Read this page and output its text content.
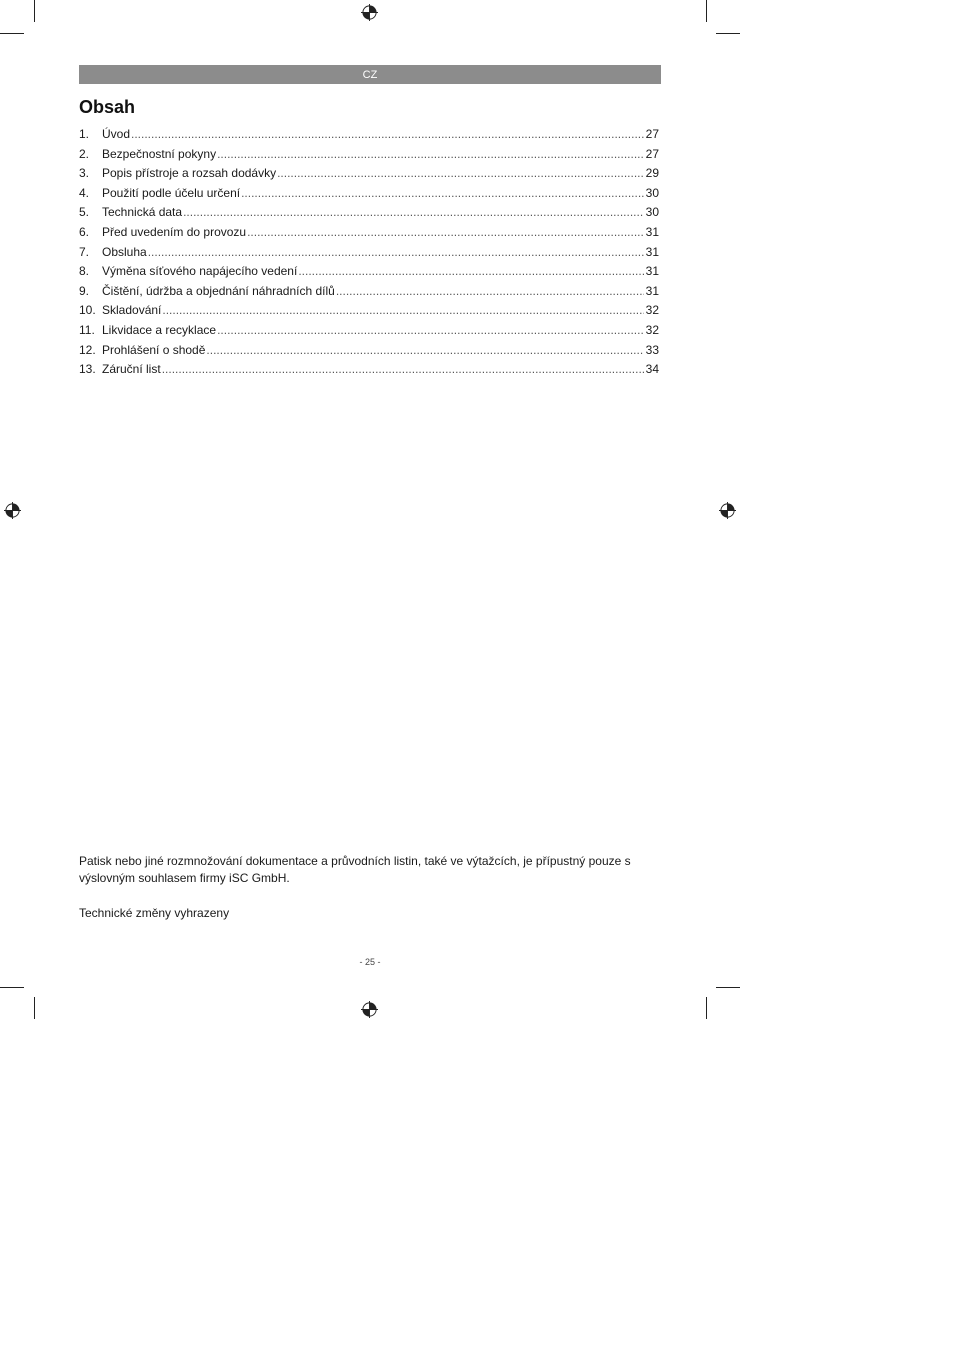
CZ
Obsah
1.	Úvod .....	27
2.	Bezpečnostní pokyny .....	27
3.	Popis přístroje a rozsah dodávky .....	29
4.	Použití podle účelu určení .....	30
5.	Technická data .....	30
6.	Před uvedením do provozu .....	31
7.	Obsluha .....	31
8.	Výměna síťového napájecího vedení .....	31
9.	Čištění, údržba a objednání náhradních dílů .....	31
10. Skladování .....	32
11. Likvidace a recyklace .....	32
12. Prohlášení o shodě .....	33
13. Záruční list .....	34

Patisk nebo jiné rozmnožování dokumentace a průvodních listin, také ve výtažcích, je přípustný pouze s výslovným souhlasem firmy iSC GmbH.

Technické změny vyhrazeny

- 25 -
